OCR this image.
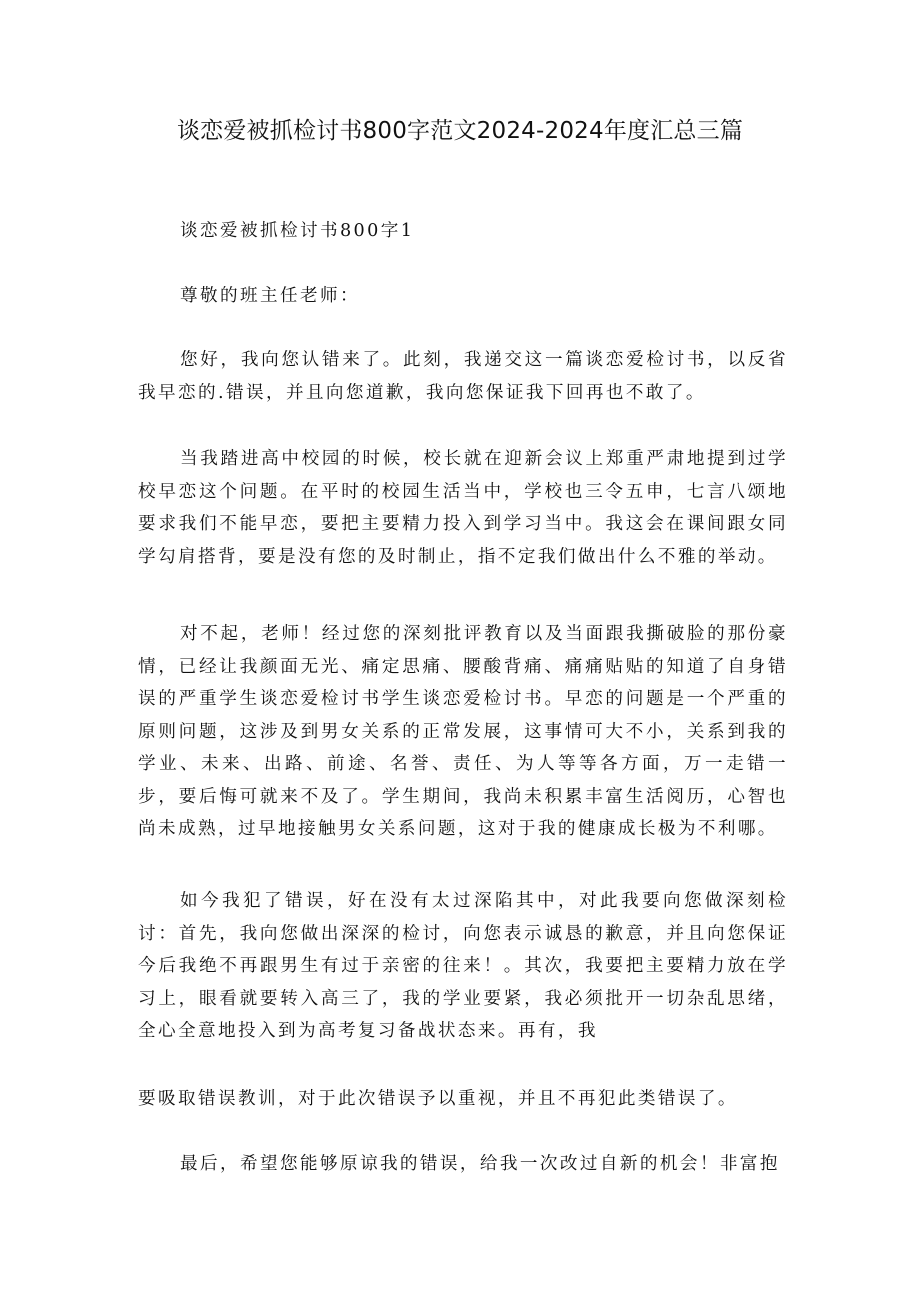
谈恋爱被抓检讨书800字范文2024-2024年度汇总三篇

谈恋爱被抓检讨书800字1

尊敬的班主任老师：

您好，我向您认错来了。此刻，我递交这一篇谈恋爱检讨书，以反省我早恋的.错误，并且向您道歉，我向您保证我下回再也不敢了。

当我踏进高中校园的时候，校长就在迎新会议上郑重严肃地提到过学校早恋这个问题。在平时的校园生活当中，学校也三令五申，七言八颂地要求我们不能早恋，要把主要精力投入到学习当中。我这会在课间跟女同学勾肩搭背，要是没有您的及时制止，指不定我们做出什么不雅的举动。

对不起，老师！经过您的深刻批评教育以及当面跟我撕破脸的那份豪情，已经让我颜面无光、痛定思痛、腰酸背痛、痛痛贴贴的知道了自身错误的严重学生谈恋爱检讨书学生谈恋爱检讨书。早恋的问题是一个严重的原则问题，这涉及到男女关系的正常发展，这事情可大不小，关系到我的学业、未来、出路、前途、名誉、责任、为人等等各方面，万一走错一步，要后悔可就来不及了。学生期间，我尚未积累丰富生活阅历，心智也尚未成熟，过早地接触男女关系问题，这对于我的健康成长极为不利哪。

如今我犯了错误，好在没有太过深陷其中，对此我要向您做深刻检讨：首先，我向您做出深深的检讨，向您表示诚恳的歉意，并且向您保证今后我绝不再跟男生有过于亲密的往来！。其次，我要把主要精力放在学习上，眼看就要转入高三了，我的学业要紧，我必须批开一切杂乱思绪，全心全意地投入到为高考复习备战状态来。再有，我

要吸取错误教训，对于此次错误予以重视，并且不再犯此类错误了。

最后，希望您能够原谅我的错误，给我一次改过自新的机会！非富抱
